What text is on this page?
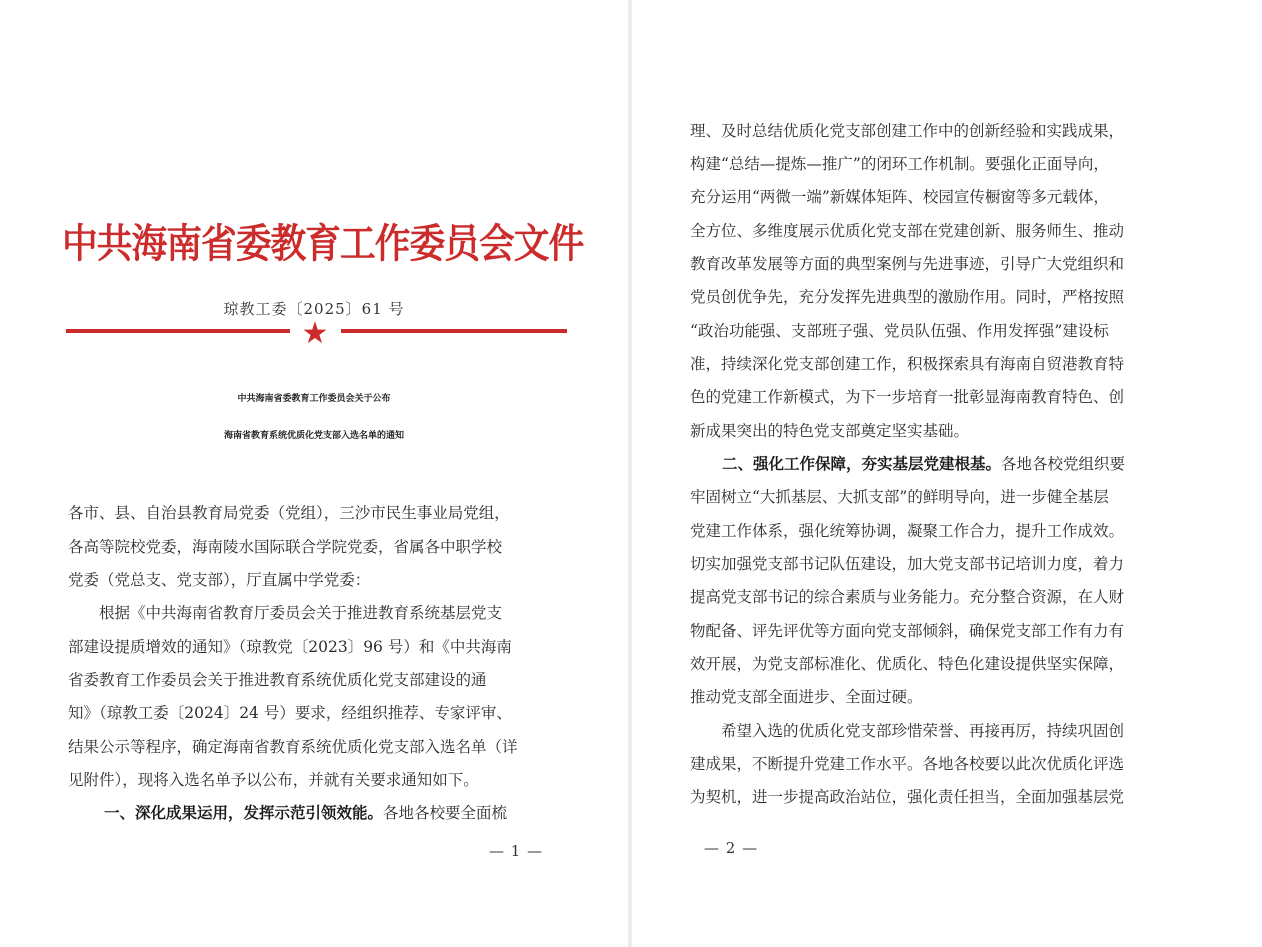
中共海南省委教育工作委员会文件
琼教工委〔2025〕61 号
★
中共海南省委教育工作委员会关于公布
海南省教育系统优质化党支部入选名单的通知
各市、县、自治县教育局党委（党组），三沙市民生事业局党组，
各高等院校党委，海南陵水国际联合学院党委，省属各中职学校
党委（党总支、党支部），厅直属中学党委：
　　根据《中共海南省教育厅委员会关于推进教育系统基层党支
部建设提质增效的通知》（琼教党〔2023〕96 号）和《中共海南
省委教育工作委员会关于推进教育系统优质化党支部建设的通
知》（琼教工委〔2024〕24 号）要求，经组织推荐、专家评审、
结果公示等程序，确定海南省教育系统优质化党支部入选名单（详
见附件），现将入选名单予以公布，并就有关要求通知如下。
一、深化成果运用，发挥示范引领效能。各地各校要全面梳
— 1 —
理、及时总结优质化党支部创建工作中的创新经验和实践成果，
构建“总结—提炼—推广”的闭环工作机制。要强化正面导向，
充分运用“两微一端”新媒体矩阵、校园宣传橱窗等多元载体，
全方位、多维度展示优质化党支部在党建创新、服务师生、推动
教育改革发展等方面的典型案例与先进事迹，引导广大党组织和
党员创优争先，充分发挥先进典型的激励作用。同时，严格按照
“政治功能强、支部班子强、党员队伍强、作用发挥强”建设标
准，持续深化党支部创建工作，积极探索具有海南自贸港教育特
色的党建工作新模式，为下一步培育一批彰显海南教育特色、创
新成果突出的特色党支部奠定坚实基础。
二、强化工作保障，夯实基层党建根基。各地各校党组织要
牢固树立“大抓基层、大抓支部”的鲜明导向，进一步健全基层
党建工作体系，强化统筹协调，凝聚工作合力，提升工作成效。
切实加强党支部书记队伍建设，加大党支部书记培训力度，着力
提高党支部书记的综合素质与业务能力。充分整合资源，在人财
物配备、评先评优等方面向党支部倾斜，确保党支部工作有力有
效开展，为党支部标准化、优质化、特色化建设提供坚实保障，
推动党支部全面进步、全面过硬。
　　希望入选的优质化党支部珍惜荣誉、再接再厉，持续巩固创
建成果，不断提升党建工作水平。各地各校要以此次优质化评选
为契机，进一步提高政治站位，强化责任担当，全面加强基层党
— 2 —
